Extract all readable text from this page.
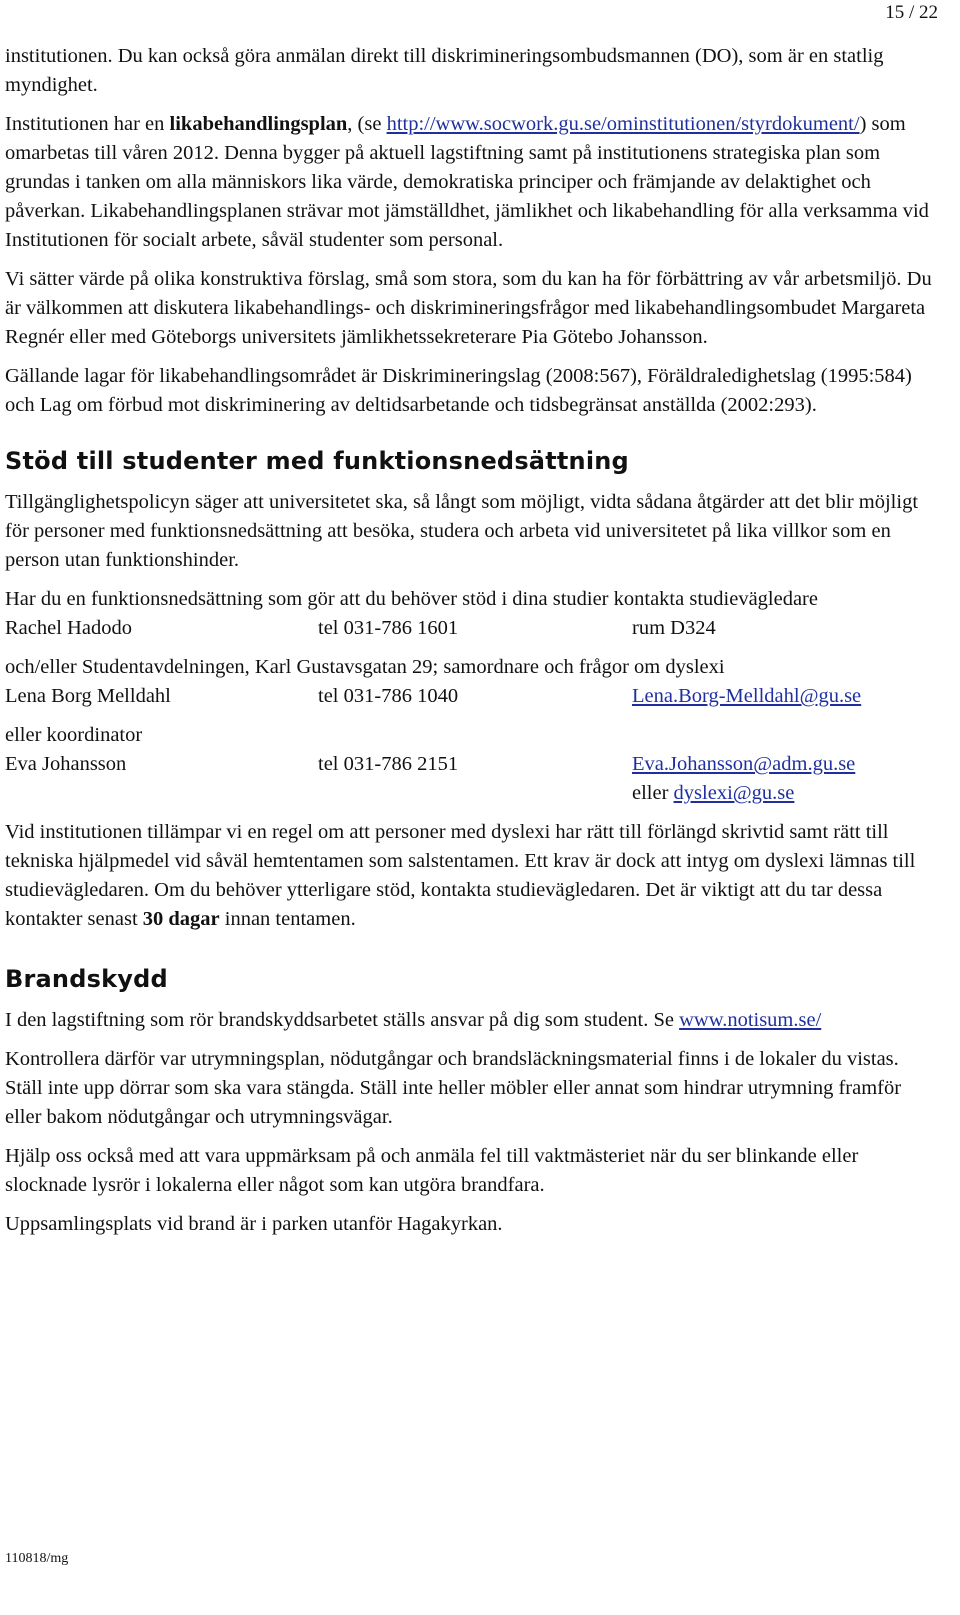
15 / 22

institutionen. Du kan också göra anmälan direkt till diskrimineringsombudsmannen (DO), som är en statlig myndighet.

Institutionen har en likabehandlingsplan, (se http://www.socwork.gu.se/ominstitutionen/styrdokument/) som omarbetas till våren 2012. Denna bygger på aktuell lagstiftning samt på institutionens strategiska plan som grundas i tanken om alla människors lika värde, demokratiska principer och främjande av delaktighet och påverkan. Likabehandlingsplanen strävar mot jämställdhet, jämlikhet och likabehandling för alla verksamma vid Institutionen för socialt arbete, såväl studenter som personal.

Vi sätter värde på olika konstruktiva förslag, små som stora, som du kan ha för förbättring av vår arbetsmiljö. Du är välkommen att diskutera likabehandlings- och diskrimineringsfrågor med likabehandlingsombudet Margareta Regnér eller med Göteborgs universitets jämlikhetssekreterare Pia Götebo Johansson.

Gällande lagar för likabehandlingsområdet är Diskrimineringslag (2008:567), Föräldraledighetslag (1995:584) och Lag om förbud mot diskriminering av deltidsarbetande och tidsbegränsat anställda (2002:293).

Stöd till studenter med funktionsnedsättning

Tillgänglighetspolicyn säger att universitetet ska, så långt som möjligt, vidta sådana åtgärder att det blir möjligt för personer med funktionsnedsättning att besöka, studera och arbeta vid universitetet på lika villkor som en person utan funktionshinder.

Har du en funktionsnedsättning som gör att du behöver stöd i dina studier kontakta studievägledare

Rachel Hadodo	tel 031-786 1601	rum D324

och/eller Studentavdelningen, Karl Gustavsgatan 29; samordnare och frågor om dyslexi

Lena Borg Melldahl	tel 031-786 1040	Lena.Borg-Melldahl@gu.se

eller koordinator

Eva Johansson	tel 031-786 2151	Eva.Johansson@adm.gu.se
eller dyslexi@gu.se

Vid institutionen tillämpar vi en regel om att personer med dyslexi har rätt till förlängd skrivtid samt rätt till tekniska hjälpmedel vid såväl hemtentamen som salstentamen. Ett krav är dock att intyg om dyslexi lämnas till studievägledaren. Om du behöver ytterligare stöd, kontakta studievägledaren. Det är viktigt att du tar dessa kontakter senast 30 dagar innan tentamen.

Brandskydd

I den lagstiftning som rör brandskyddsarbetet ställs ansvar på dig som student. Se www.notisum.se/

Kontrollera därför var utrymningsplan, nödutgångar och brandsläckningsmaterial finns i de lokaler du vistas. Ställ inte upp dörrar som ska vara stängda. Ställ inte heller möbler eller annat som hindrar utrymning framför eller bakom nödutgångar och utrymningsvägar.

Hjälp oss också med att vara uppmärksam på och anmäla fel till vaktmästeriet när du ser blinkande eller slocknade lysrör i lokalerna eller något som kan utgöra brandfara.

Uppsamlingsplats vid brand är i parken utanför Hagakyrkan.

110818/mg
